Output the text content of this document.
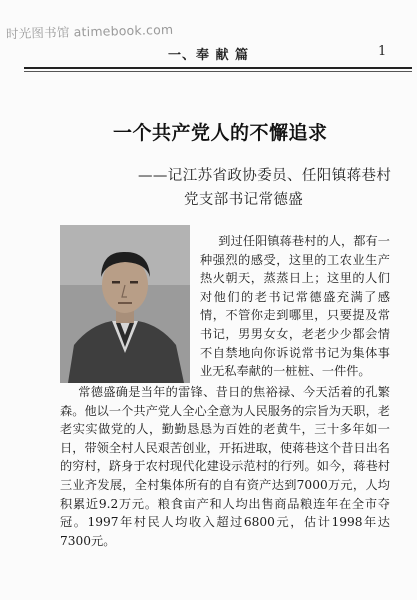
时光图书馆 atimebook.com
一、奉 献 篇	1
一个共产党人的不懈追求
——记江苏省政协委员、任阳镇蒋巷村
党支部书记常德盛
到过任阳镇蒋巷村的人，都有一种强烈的感受，这里的工农业生产热火朝天，蒸蒸日上；这里的人们对他们的老书记常德盛充满了感情，不管你走到哪里，只要提及常书记，男男女女，老老少少都会情不自禁地向你诉说常书记为集体事业无私奉献的一桩桩、一件件。
常德盛确是当年的雷锋、昔日的焦裕禄、今天活着的孔繁森。他以一个共产党人全心全意为人民服务的宗旨为天职，老老实实做党的人，勤勤恳恳为百姓的老黄牛，三十多年如一日，带领全村人民艰苦创业，开拓进取，使蒋巷这个昔日出名的穷村，跻身于农村现代化建设示范村的行列。如今，蒋巷村三业齐发展，全村集体所有的自有资产达到7000万元，人均积累近9.2万元。粮食亩产和人均出售商品粮连年在全市夺冠。1997年村民人均收入超过6800元，估计1998年达7300元。
